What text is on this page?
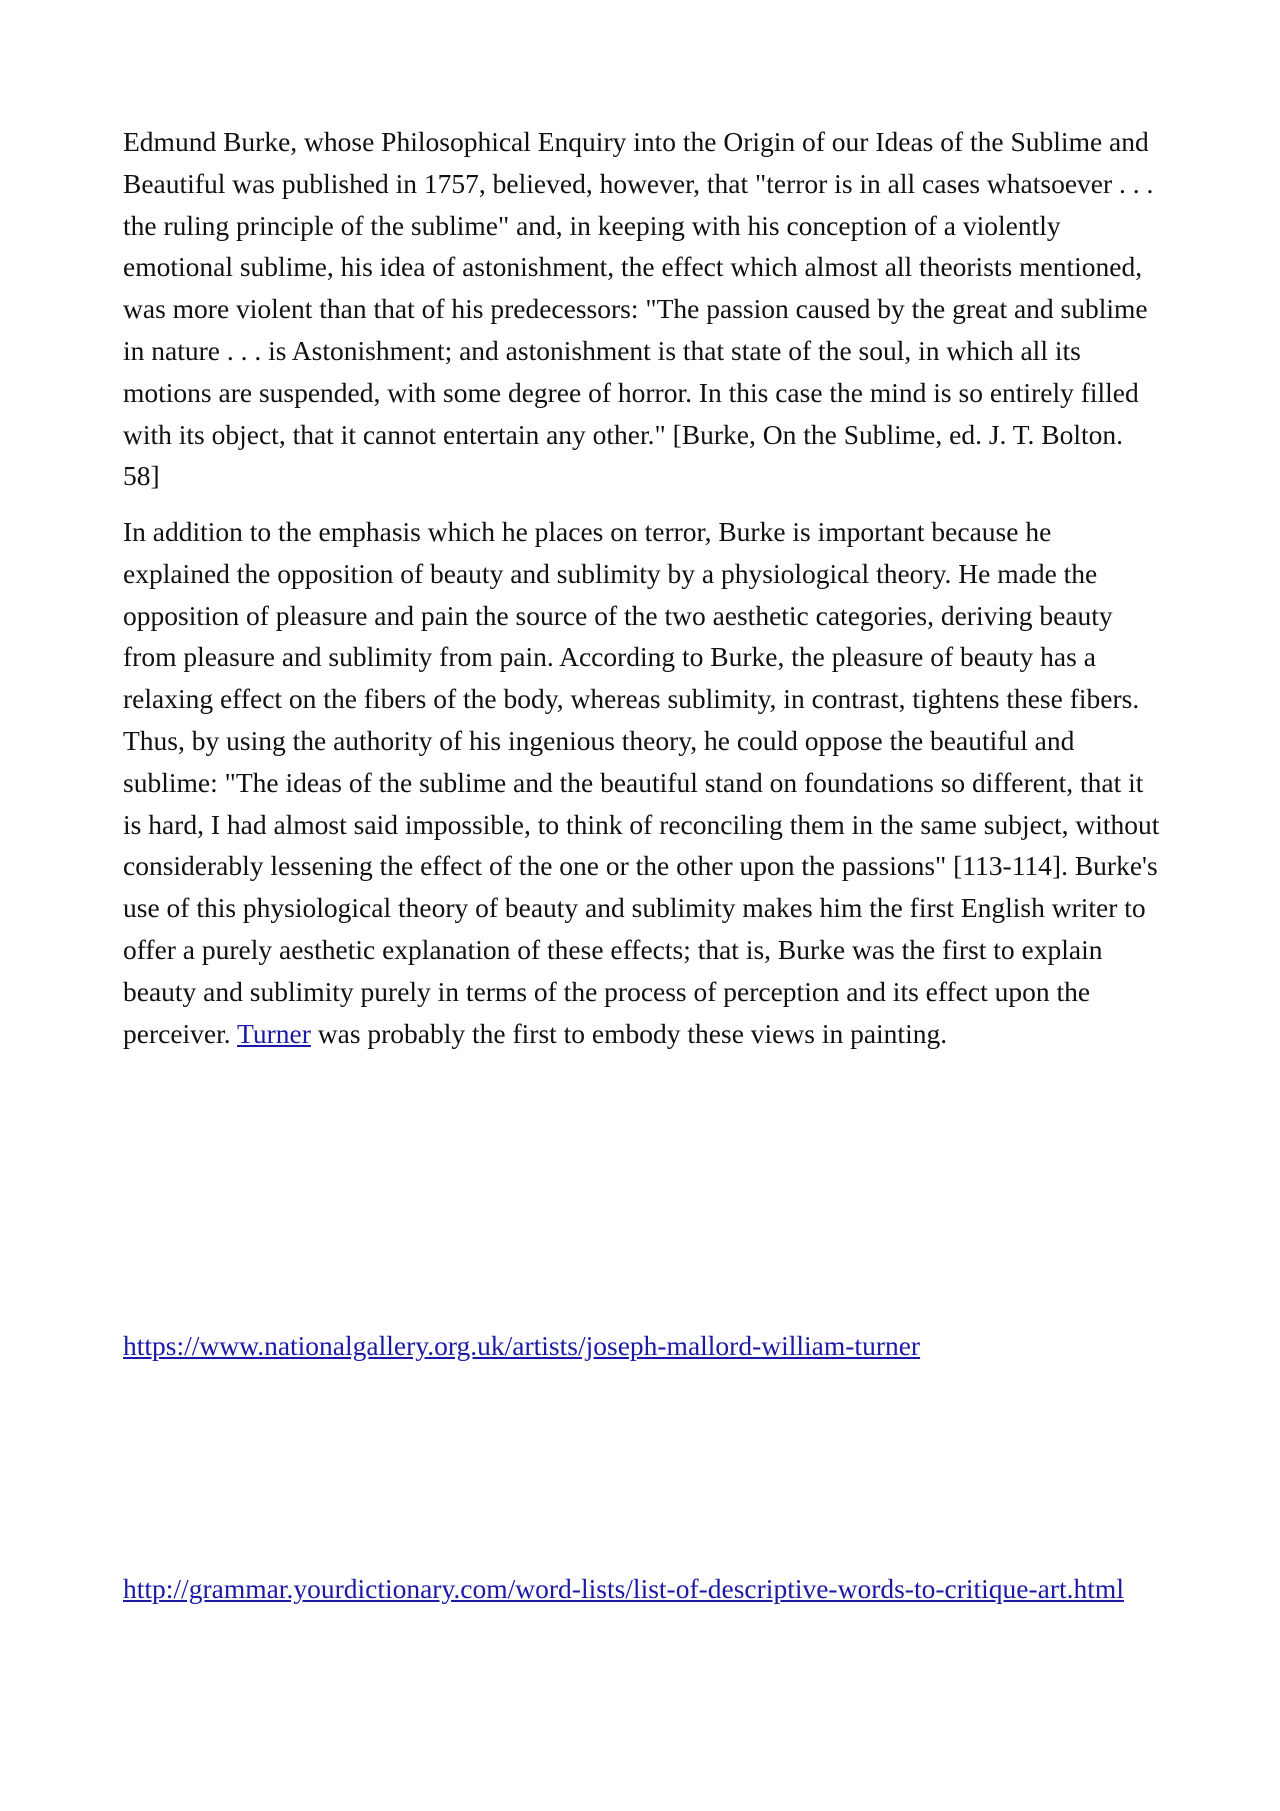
Edmund Burke, whose Philosophical Enquiry into the Origin of our Ideas of the Sublime and Beautiful was published in 1757, believed, however, that "terror is in all cases whatsoever . . . the ruling principle of the sublime" and, in keeping with his conception of a violently emotional sublime, his idea of astonishment, the effect which almost all theorists mentioned, was more violent than that of his predecessors: "The passion caused by the great and sublime in nature . . . is Astonishment; and astonishment is that state of the soul, in which all its motions are suspended, with some degree of horror. In this case the mind is so entirely filled with its object, that it cannot entertain any other." [Burke, On the Sublime, ed. J. T. Bolton. 58]

In addition to the emphasis which he places on terror, Burke is important because he explained the opposition of beauty and sublimity by a physiological theory. He made the opposition of pleasure and pain the source of the two aesthetic categories, deriving beauty from pleasure and sublimity from pain. According to Burke, the pleasure of beauty has a relaxing effect on the fibers of the body, whereas sublimity, in contrast, tightens these fibers. Thus, by using the authority of his ingenious theory, he could oppose the beautiful and sublime: "The ideas of the sublime and the beautiful stand on foundations so different, that it is hard, I had almost said impossible, to think of reconciling them in the same subject, without considerably lessening the effect of the one or the other upon the passions" [113-114]. Burke's use of this physiological theory of beauty and sublimity makes him the first English writer to offer a purely aesthetic explanation of these effects; that is, Burke was the first to explain beauty and sublimity purely in terms of the process of perception and its effect upon the perceiver. Turner was probably the first to embody these views in painting.

https://www.nationalgallery.org.uk/artists/joseph-mallord-william-turner

http://grammar.yourdictionary.com/word-lists/list-of-descriptive-words-to-critique-art.html
